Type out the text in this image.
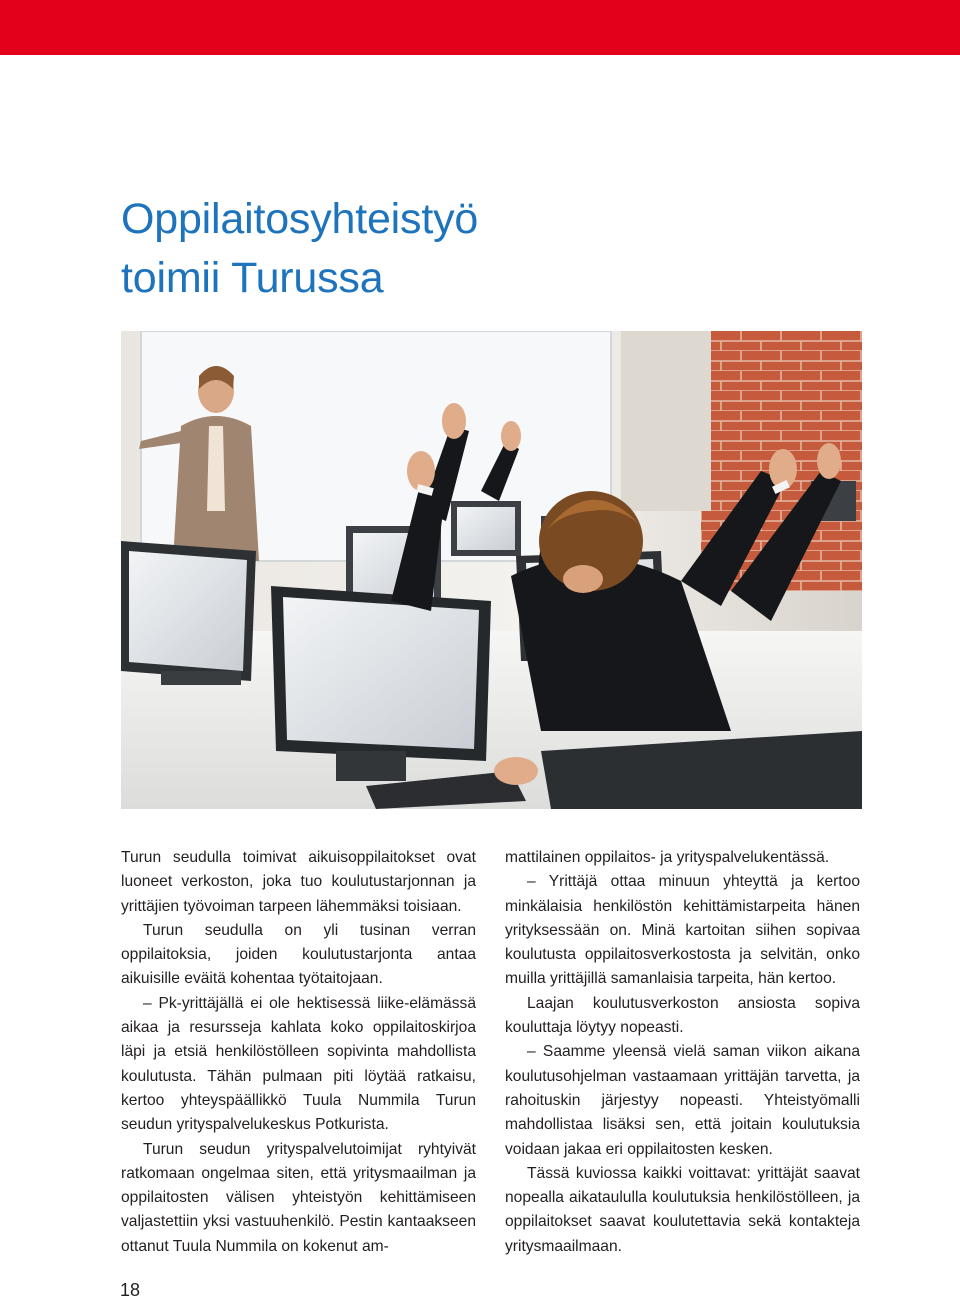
Oppilaitosyhteistyö
toimii Turussa

Turun seudulla toimivat aikuisoppilaitokset ovat luoneet verkoston, joka tuo koulutustarjonnan ja yrittäjien työvoiman tarpeen lähemmäksi toisiaan.

Turun seudulla on yli tusinan verran oppilaitoksia, joiden koulutustarjonta antaa aikuisille eväitä kohentaa työtaitojaan.

– Pk-yrittäjällä ei ole hektisessä liike-elämässä aikaa ja resursseja kahlata koko oppilaitoskirjoa läpi ja etsiä henkilöstölleen sopivinta mahdollista koulutusta. Tähän pulmaan piti löytää ratkaisu, kertoo yhteyspäällikkö Tuula Nummila Turun seudun yrityspalvelukeskus Potkurista.

Turun seudun yrityspalvelutoimijat ryhtyivät ratkomaan ongelmaa siten, että yritysmaailman ja oppilaitosten välisen yhteistyön kehittämiseen valjastettiin yksi vastuuhenkilö. Pestin kantaakseen ottanut Tuula Nummila on kokenut am-

mattilainen oppilaitos- ja yrityspalvelukentässä.

– Yrittäjä ottaa minuun yhteyttä ja kertoo minkälaisia henkilöstön kehittämistarpeita hänen yrityksessään on. Minä kartoitan siihen sopivaa koulutusta oppilaitosverkostosta ja selvitän, onko muilla yrittäjillä samanlaisia tarpeita, hän kertoo.

Laajan koulutusverkoston ansiosta sopiva kouluttaja löytyy nopeasti.

– Saamme yleensä vielä saman viikon aikana koulutusohjelman vastaamaan yrittäjän tarvetta, ja rahoituskin järjestyy nopeasti. Yhteistyömalli mahdollistaa lisäksi sen, että joitain koulutuksia voidaan jakaa eri oppilaitosten kesken.

Tässä kuviossa kaikki voittavat: yrittäjät saavat nopealla aikataululla koulutuksia henkilöstölleen, ja oppilaitokset saavat koulutettavia sekä kontakteja yritysmaailmaan.

18
